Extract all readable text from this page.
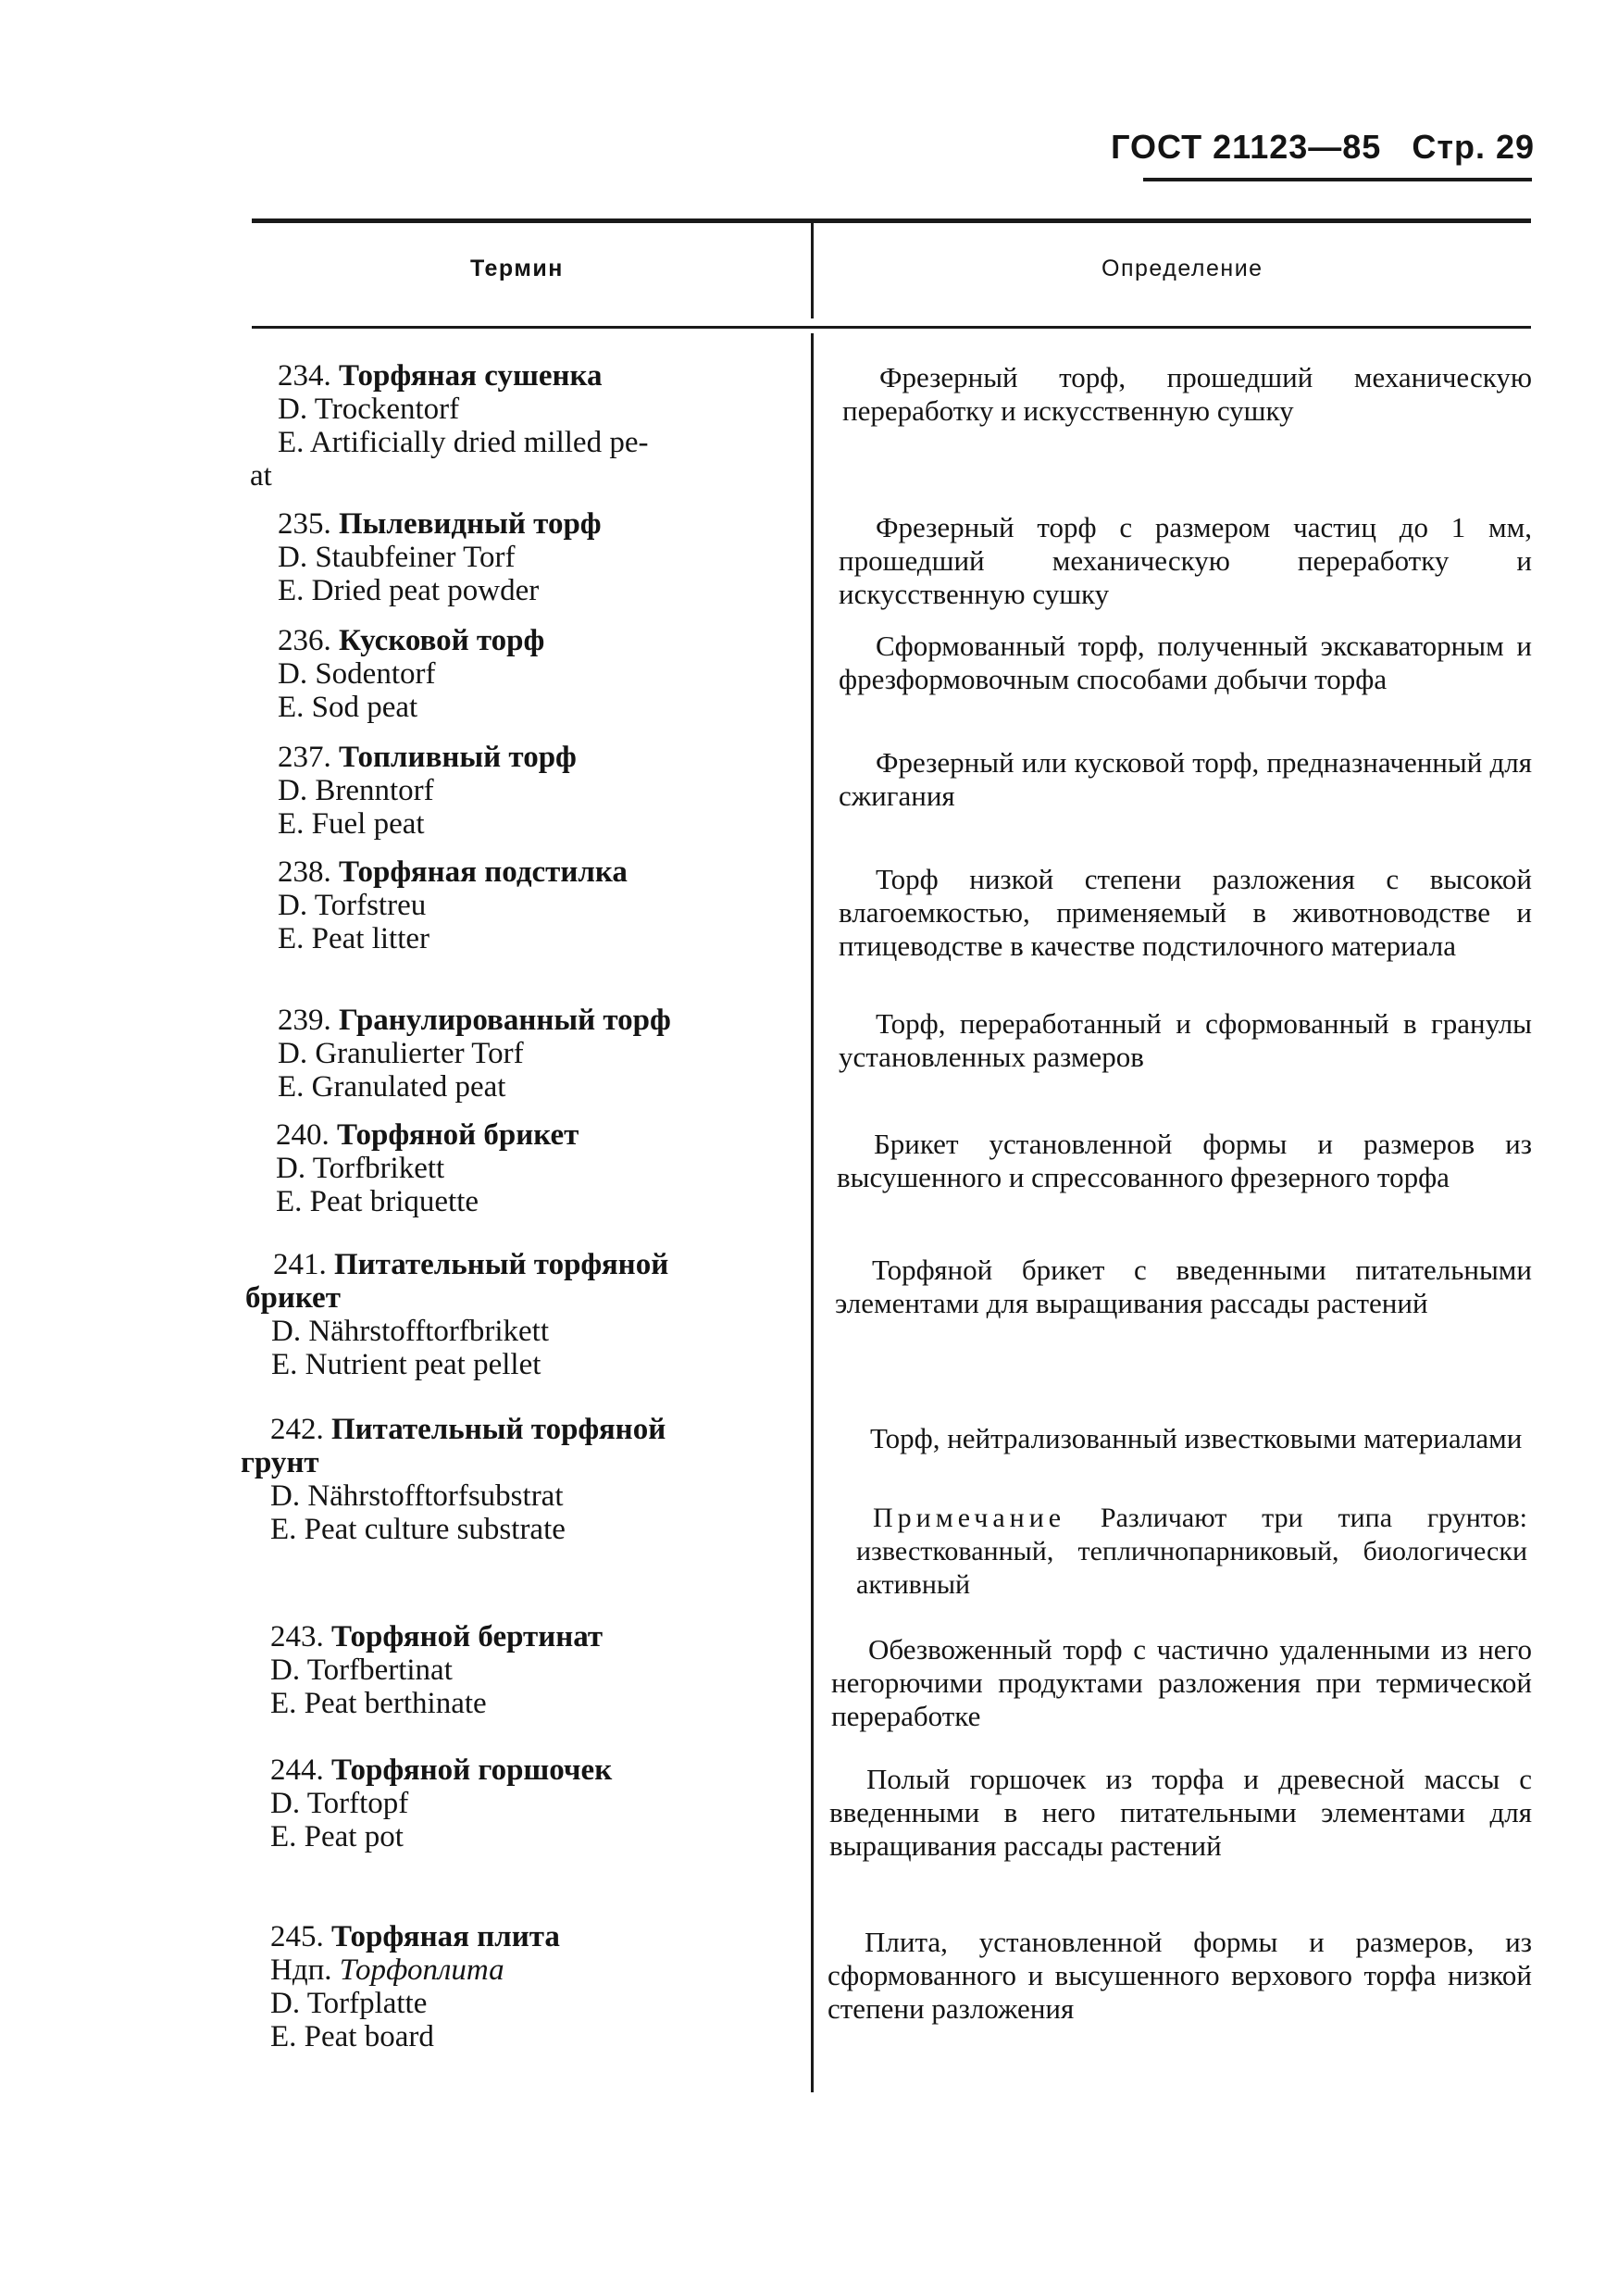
ГОСТ 21123—85 Стр. 29
Термин	Определение
234. Торфяная сушенка
D. Trockentorf
E. Artificially dried milled pe-
at
Фрезерный торф, прошедший механическую переработку и искусственную сушку
235. Пылевидный торф
D. Staubfeiner Torf
E. Dried peat powder
Фрезерный торф с размером частиц до 1 мм, прошедший механическую переработку и искусственную сушку
236. Кусковой торф
D. Sodentorf
E. Sod peat
Сформованный торф, полученный экскаваторным и фрезформовочным способами добычи торфа
237. Топливный торф
D. Brenntorf
E. Fuel peat
Фрезерный или кусковой торф, предназначенный для сжигания
238. Торфяная подстилка
D. Torfstreu
E. Peat litter
Торф низкой степени разложения с высокой влагоемкостью, применяемый в животноводстве и птицеводстве в качестве подстилочного материала
239. Гранулированный торф
D. Granulierter Torf
E. Granulated peat
Торф, переработанный и сформованный в гранулы установленных размеров
240. Торфяной брикет
D. Torfbrikett
E. Peat briquette
Брикет установленной формы и размеров из высушенного и спрессованного фрезерного торфа
241. Питательный торфяной
брикет
D. Nährstofftorfbrikett
E. Nutrient peat pellet
Торфяной брикет с введенными питательными элементами для выращивания рассады растений
242. Питательный торфяной
грунт
D. Nährstofftorfsubstrat
E. Peat culture substrate
Торф, нейтрализованный известковыми материалами
Примечание Различают три типа грунтов: известкованный, тепличнопарниковый, биологически активный
243. Торфяной бертинат
D. Torfbertinat
E. Peat berthinate
Обезвоженный торф с частично удаленными из него негорючими продуктами разложения при термической переработке
244. Торфяной горшочек
D. Torftopf
E. Peat pot
Полый горшочек из торфа и древесной массы с введенными в него питательными элементами для выращивания рассады растений
245. Торфяная плита
Ндп. Торфоплита
D. Torfplatte
E. Peat board
Плита, установленной формы и размеров, из сформованного и высушенного верхового торфа низкой степени разложения
